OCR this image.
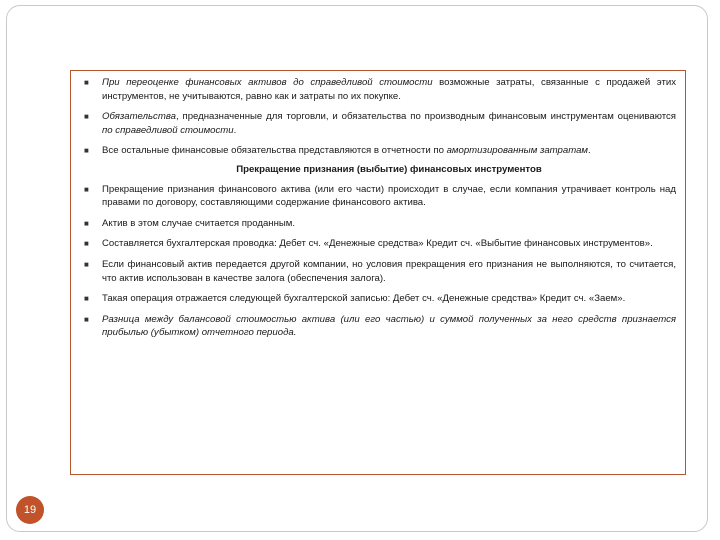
■ При переоценке финансовых активов до справедливой стоимости возможные затраты, связанные с продажей этих инструментов, не учитываются, равно как и затраты по их покупке.
■ Обязательства, предназначенные для торговли, и обязательства по производным финансовым инструментам оцениваются по справедливой стоимости.
■ Все остальные финансовые обязательства представляются в отчетности по амортизированным затратам.
Прекращение признания (выбытие) финансовых инструментов
■ Прекращение признания финансового актива (или его части) происходит в случае, если компания утрачивает контроль над правами по договору, составляющими содержание финансового актива.
■ Актив в этом случае считается проданным.
■ Составляется бухгалтерская проводка: Дебет сч. «Денежные средства» Кредит сч. «Выбытие финансовых инструментов».
■ Если финансовый актив передается другой компании, но условия прекращения его признания не выполняются, то считается, что актив использован в качестве залога (обеспечения залога).
■ Такая операция отражается следующей бухгалтерской записью: Дебет сч. «Денежные средства» Кредит сч. «Заем».
■ Разница между балансовой стоимостью актива (или его частью) и суммой полученных за него средств признается прибылью (убытком) отчетного периода.
19
